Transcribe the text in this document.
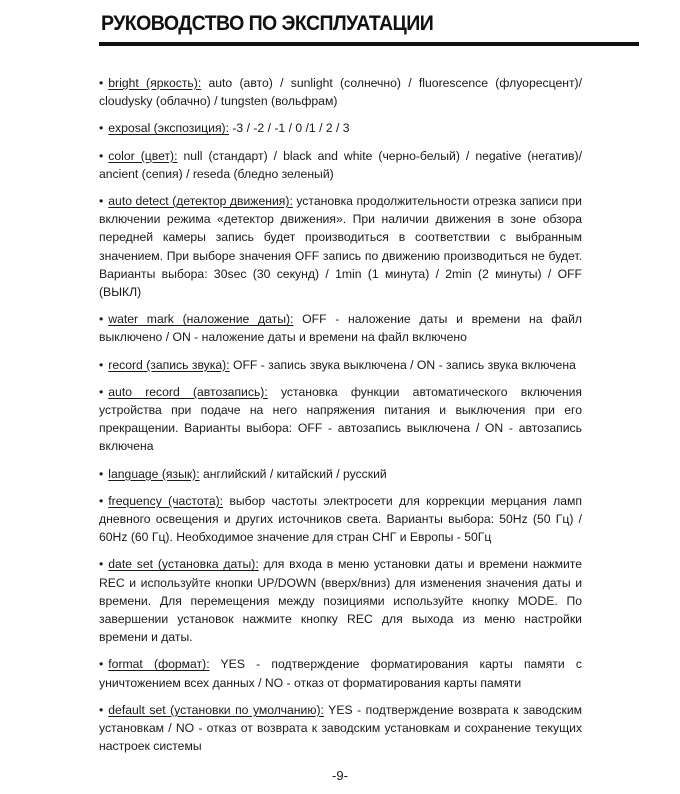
РУКОВОДСТВО ПО ЭКСПЛУАТАЦИИ

• bright (яркость): auto (авто) / sunlight (солнечно) / fluorescence (флуоресцент)/ cloudysky (облачно) / tungsten (вольфрам)

• exposal (экспозиция): -3 / -2 / -1 / 0 /1 / 2 / 3

• color (цвет): null (стандарт) / black and white (черно-белый) / negative (негатив)/ ancient (сепия) / reseda (бледно зеленый)

• auto detect (детектор движения): установка продолжительности отрезка записи при включении режима «детектор движения». При наличии движения в зоне обзора передней камеры запись будет производиться в соответствии с выбранным значением. При выборе значения OFF запись по движению производиться не будет. Варианты выбора: 30sec (30 секунд) / 1min (1 минута) / 2min (2 минуты) / OFF (ВЫКЛ)

• water mark (наложение даты): OFF - наложение даты и времени на файл выключено / ON - наложение даты и времени на файл включено

• record (запись звука): OFF - запись звука выключена / ON - запись звука включена

• auto record (автозапись): установка функции автоматического включения устройства при подаче на него напряжения питания и выключения при его прекращении. Варианты выбора: OFF - автозапись выключена / ON - автозапись включена

• language (язык): английский / китайский / русский

• frequency (частота): выбор частоты электросети для коррекции мерцания ламп дневного освещения и других источников света. Варианты выбора: 50Hz (50 Гц) / 60Hz (60 Гц). Необходимое значение для стран СНГ и Европы - 50Гц

• date set (установка даты): для входа в меню установки даты и времени нажмите REC и используйте кнопки UP/DOWN (вверх/вниз) для изменения значения даты и времени. Для перемещения между позициями используйте кнопку MODE. По завершении установок нажмите кнопку REC для выхода из меню настройки времени и даты.

• format (формат): YES - подтверждение форматирования карты памяти с уничтожением всех данных / NO - отказ от форматирования карты памяти

• default set (установки по умолчанию): YES - подтверждение возврата к заводским установкам / NO - отказ от возврата к заводским установкам и сохранение текущих настроек системы

-9-
